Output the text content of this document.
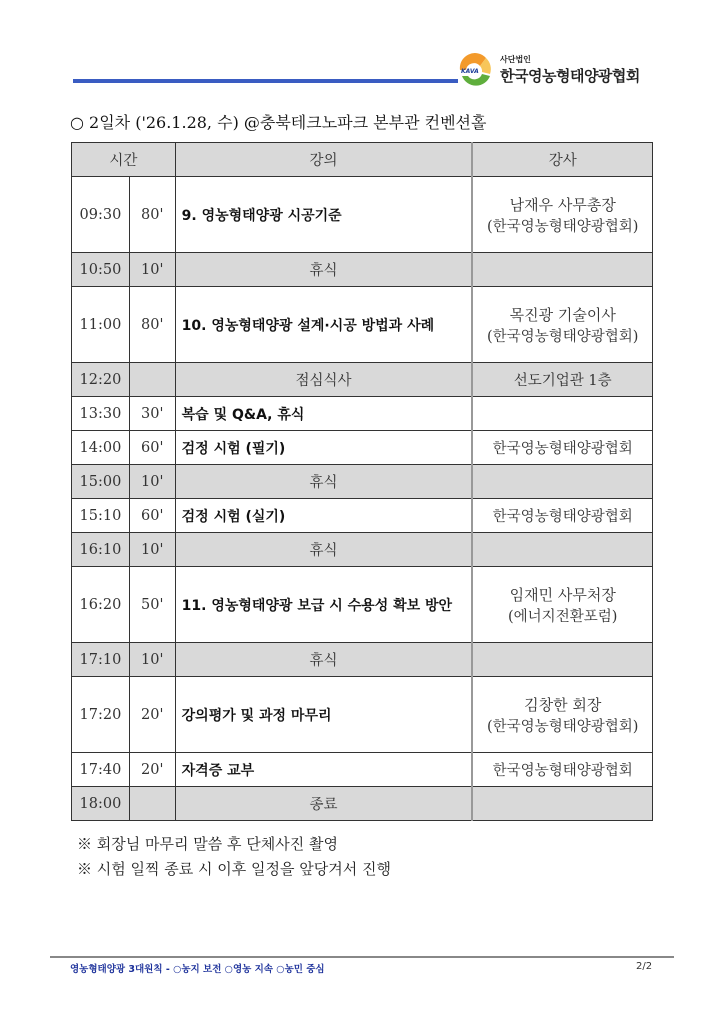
KAVA
사단법인
한국영농형태양광협회
○ 2일차 ('26.1.28, 수) @충북테크노파크 본부관 컨벤션홀
시간		강의	강사
09:30	80'	9. 영농형태양광 시공기준	남재우 사무총장
(한국영농형태양광협회)

10:50	10'	휴식	
11:00	80'	10. 영농형태양광 설계·시공 방법과 사례	목진광 기술이사
(한국영농형태양광협회)

12:20		점심식사	선도기업관 1층
13:30	30'	복습 및 Q&A, 휴식	

14:00	60'	검정 시험 (필기)	한국영농형태양광협회
15:00	10'	휴식	
15:10	60'	검정 시험 (실기)	한국영농형태양광협회
16:10	10'	휴식	
16:20	50'	11. 영농형태양광 보급 시 수용성 확보 방안	임재민 사무처장
(에너지전환포럼)

17:10	10'	휴식	
17:20	20'	강의평가 및 과정 마무리	김창한 회장
(한국영농형태양광협회)

17:40	20'	자격증 교부	한국영농형태양광협회
18:00		종료	
※ 회장님 마무리 말씀 후 단체사진 촬영
※ 시험 일찍 종료 시 이후 일정을 앞당겨서 진행
영농형태양광 3대원칙 - ○농지 보전 ○영농 지속 ○농민 중심	2/2
